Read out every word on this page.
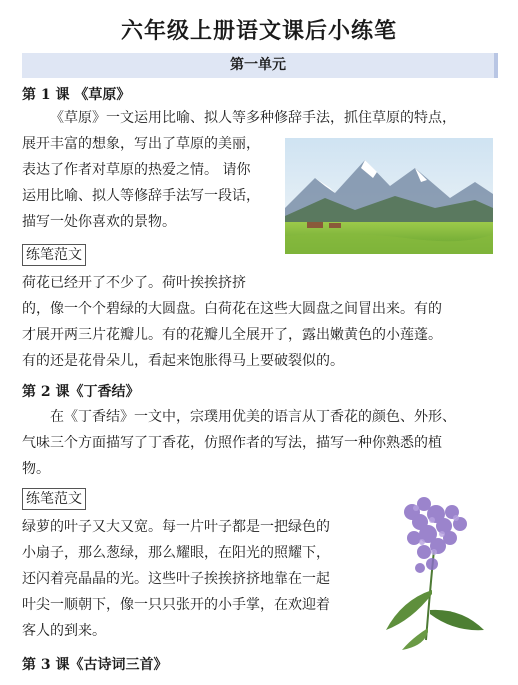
六年级上册语文课后小练笔
第一单元
第 1 课 《草原》

《草原》一文运用比喻、拟人等多种修辞手法，抓住草原的特点，

展开丰富的想象，写出了草原的美丽，

表达了作者对草原的热爱之情。 请你

运用比喻、拟人等修辞手法写一段话，

描写一处你喜欢的景物。

练笔范文

荷花已经开了不少了。荷叶挨挨挤挤

的，像一个个碧绿的大圆盘。白荷花在这些大圆盘之间冒出来。有的

才展开两三片花瓣儿。有的花瓣儿全展开了，露出嫩黄色的小莲蓬。

有的还是花骨朵儿，看起来饱胀得马上要破裂似的。

第 2 课《丁香结》

在《丁香结》一文中，宗璞用优美的语言从丁香花的颜色、外形、

气味三个方面描写了丁香花，仿照作者的写法，描写一种你熟悉的植

物。

练笔范文

绿萝的叶子又大又宽。每一片叶子都是一把绿色的

小扇子，那么葱绿，那么耀眼，在阳光的照耀下，

还闪着亮晶晶的光。这些叶子挨挨挤挤地靠在一起

叶尖一顺朝下，像一只只张开的小手掌，在欢迎着

客人的到来。

第 3 课《古诗词三首》
